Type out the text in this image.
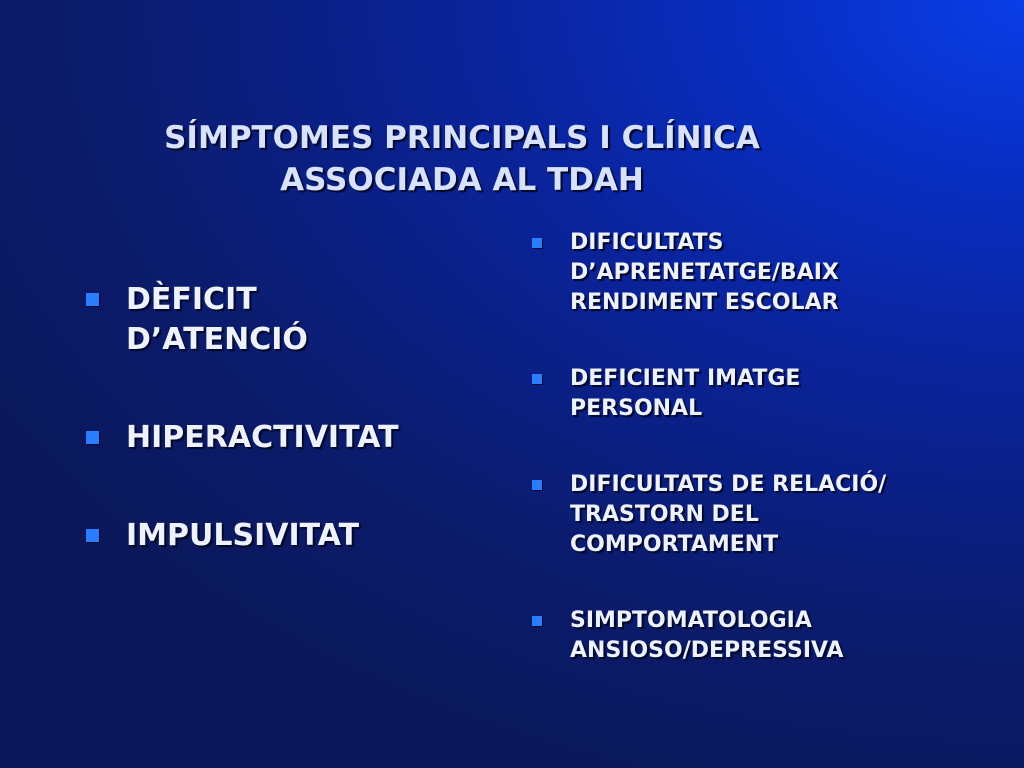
SÍMPTOMES PRINCIPALS I CLÍNICA
ASSOCIADA AL TDAH
DÈFICIT
D’ATENCIÓ
HIPERACTIVITAT
IMPULSIVITAT
DIFICULTATS
D’APRENETATGE/BAIX
RENDIMENT ESCOLAR
DEFICIENT IMATGE
PERSONAL
DIFICULTATS DE RELACIÓ/
TRASTORN DEL
COMPORTAMENT
SIMPTOMATOLOGIA
ANSIOSO/DEPRESSIVA
